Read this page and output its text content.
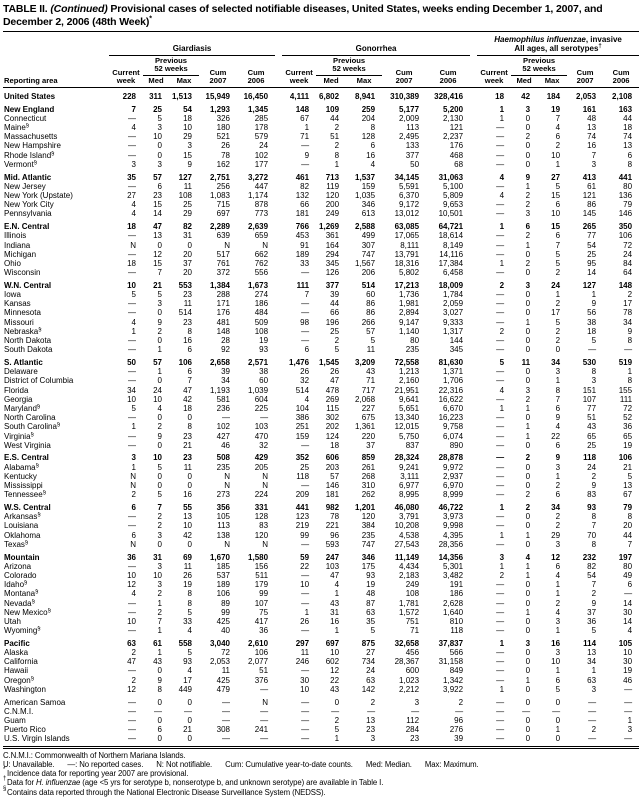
TABLE II. (Continued) Provisional cases of selected notifiable diseases, United States, weeks ending December 1, 2007, and December 2, 2006 (48th Week)*
Reporting area	Giardiasis						Gonorrhea						Haemophilus influenzae, invasive
All ages, all serotypes†

	Current
week	Previous
52 weeks		Cum
2007	Cum
2006		Current
week	Previous
52 weeks		Cum
2007	Cum
2006		Current
week	Previous
52 weeks		Cum
2007	Cum
2006
		Med	Max					Med	Max					Med	Max		
United States	228	311	1,513	15,949	16,450		4,111	6,802	8,941	310,389	328,416		18	42	184	2,053	2,108
New England	7	25	54	1,293	1,345		148	109	259	5,177	5,200		1	3	19	161	163
Connecticut	—	5	18	326	285		67	44	204	2,009	2,130		1	0	7	48	44
Maine§	4	3	10	180	178		1	2	8	113	121		—	0	4	13	18
Massachusetts	—	10	29	521	579		71	51	128	2,495	2,237		—	2	6	74	74
New Hampshire	—	0	3	26	24		—	2	6	133	176		—	0	2	16	13
Rhode Island§	—	0	15	78	102		9	8	16	377	468		—	0	10	7	6
Vermont§	3	3	9	162	177		—	1	4	50	68		—	0	1	3	8
Mid. Atlantic	35	57	127	2,751	3,272		461	713	1,537	34,145	31,063		4	9	27	413	441
New Jersey	—	6	11	256	447		82	119	159	5,591	5,100		—	1	5	61	80
New York (Upstate)	27	23	108	1,083	1,174		132	120	1,035	6,370	5,809		4	2	15	121	136
New York City	4	15	25	715	878		66	200	346	9,172	9,653		—	2	6	86	79
Pennsylvania	4	14	29	697	773		181	249	613	13,012	10,501		—	3	10	145	146
E.N. Central	18	47	82	2,289	2,639		766	1,269	2,588	63,085	64,721		1	6	15	265	350
Illinois	—	13	31	639	659		453	361	499	17,065	18,614		—	2	6	77	106
Indiana	N	0	0	N	N		91	164	307	8,111	8,149		—	1	7	54	72
Michigan	—	12	20	517	662		189	294	747	13,791	14,116		—	0	5	25	24
Ohio	18	15	37	761	762		33	345	1,567	18,316	17,384		1	2	5	95	84
Wisconsin	—	7	20	372	556		—	126	206	5,802	6,458		—	0	2	14	64
W.N. Central	10	21	553	1,384	1,673		111	377	514	17,213	18,009		2	3	24	127	148
Iowa	5	5	23	288	274		7	39	60	1,736	1,784		—	0	1	1	2
Kansas	—	3	11	171	186		—	44	86	1,981	2,059		—	0	2	9	17
Minnesota	—	0	514	176	484		—	66	86	2,894	3,027		—	0	17	56	78
Missouri	4	9	23	481	509		98	196	266	9,147	9,333		—	1	5	38	34
Nebraska§	1	2	8	148	108		—	25	57	1,140	1,317		2	0	2	18	9
North Dakota	—	0	16	28	19		—	2	5	80	144		—	0	2	5	8
South Dakota	—	1	6	92	93		6	5	11	235	345		—	0	0	—	—
S. Atlantic	50	57	106	2,658	2,571		1,476	1,545	3,209	72,558	81,630		5	11	34	530	519
Delaware	—	1	6	39	38		26	26	43	1,213	1,371		—	0	3	8	1
District of Columbia	—	0	7	34	60		32	47	71	2,160	1,706		—	0	1	3	8
Florida	34	24	47	1,193	1,039		514	478	717	21,951	22,316		4	3	8	151	155
Georgia	10	10	42	581	604		4	269	2,068	9,641	16,622		—	2	7	107	111
Maryland§	5	4	18	236	225		104	115	227	5,651	6,670		1	1	6	77	72
North Carolina	—	0	0	—	—		386	302	675	13,340	16,223		—	0	9	51	52
South Carolina§	1	2	8	102	103		251	202	1,361	12,015	9,758		—	1	4	43	36
Virginia§	—	9	23	427	470		159	124	220	5,750	6,074		—	1	22	65	65
West Virginia	—	0	21	46	32		—	18	37	837	890		—	0	6	25	19
E.S. Central	3	10	23	508	429		352	606	859	28,324	28,878		—	2	9	118	106
Alabama§	1	5	11	235	205		25	203	261	9,241	9,972		—	0	3	24	21
Kentucky	N	0	0	N	N		118	57	268	3,111	2,937		—	0	1	2	5
Mississippi	N	0	0	N	N		—	146	310	6,977	6,970		—	0	2	9	13
Tennessee§	2	5	16	273	224		209	181	262	8,995	8,999		—	2	6	83	67
W.S. Central	6	7	55	356	331		441	982	1,201	46,080	46,722		1	2	34	93	79
Arkansas§	—	2	13	105	128		123	78	120	3,791	3,973		—	0	2	8	8
Louisiana	—	2	10	113	83		219	221	384	10,208	9,998		—	0	2	7	20
Oklahoma	6	3	42	138	120		99	96	235	4,538	4,395		1	1	29	70	44
Texas§	N	0	0	N	N		—	593	747	27,543	28,356		—	0	3	8	7
Mountain	36	31	69	1,670	1,580		59	247	346	11,149	14,356		3	4	12	232	197
Arizona	—	3	11	185	156		22	103	175	4,434	5,301		1	1	6	82	80
Colorado	10	10	26	537	511		—	47	93	2,183	3,482		2	1	4	54	49
Idaho§	12	3	19	189	179		10	4	19	249	191		—	0	1	7	6
Montana§	4	2	8	106	99		—	1	48	108	186		—	0	1	2	—
Nevada§	—	1	8	89	107		—	43	87	1,781	2,628		—	0	2	9	14
New Mexico§	—	2	5	99	75		1	31	63	1,572	1,640		—	1	4	37	30
Utah	10	7	33	425	417		26	16	35	751	810		—	0	3	36	14
Wyoming§	—	1	4	40	36		—	1	5	71	118		—	0	1	5	4
Pacific	63	61	558	3,040	2,610		297	697	875	32,658	37,837		1	3	16	114	105
Alaska	2	1	5	72	106		11	10	27	456	566		—	0	3	13	10
California	47	43	93	2,053	2,077		246	602	734	28,367	31,158		—	0	10	34	30
Hawaii	—	0	4	11	51		—	12	24	600	849		—	0	1	1	19
Oregon§	2	9	17	425	376		30	22	63	1,023	1,342		—	1	6	63	46
Washington	12	8	449	479	—		10	43	142	2,212	3,922		1	0	5	3	—
American Samoa	—	0	0	—	N		—	0	2	3	2		—	0	0	—	—
C.N.M.I.	—	—	—	—	—		—	—	—	—	—		—	—	—	—	—
Guam	—	0	0	—	—		—	2	13	112	96		—	0	0	—	1
Puerto Rico	—	6	21	308	241		—	5	23	284	276		—	0	1	2	3
U.S. Virgin Islands	—	0	0	—	—		—	1	3	23	39		—	0	0	—	—
C.N.M.I.: Commonwealth of Northern Mariana Islands.
U: Unavailable. —: No reported cases. N: Not notifiable. Cum: Cumulative year-to-date counts. Med: Median. Max: Maximum.
* Incidence data for reporting year 2007 are provisional.
† Data for H. influenzae (age <5 yrs for serotype b, nonserotype b, and unknown serotype) are available in Table I.
§ Contains data reported through the National Electronic Disease Surveillance System (NEDSS).
